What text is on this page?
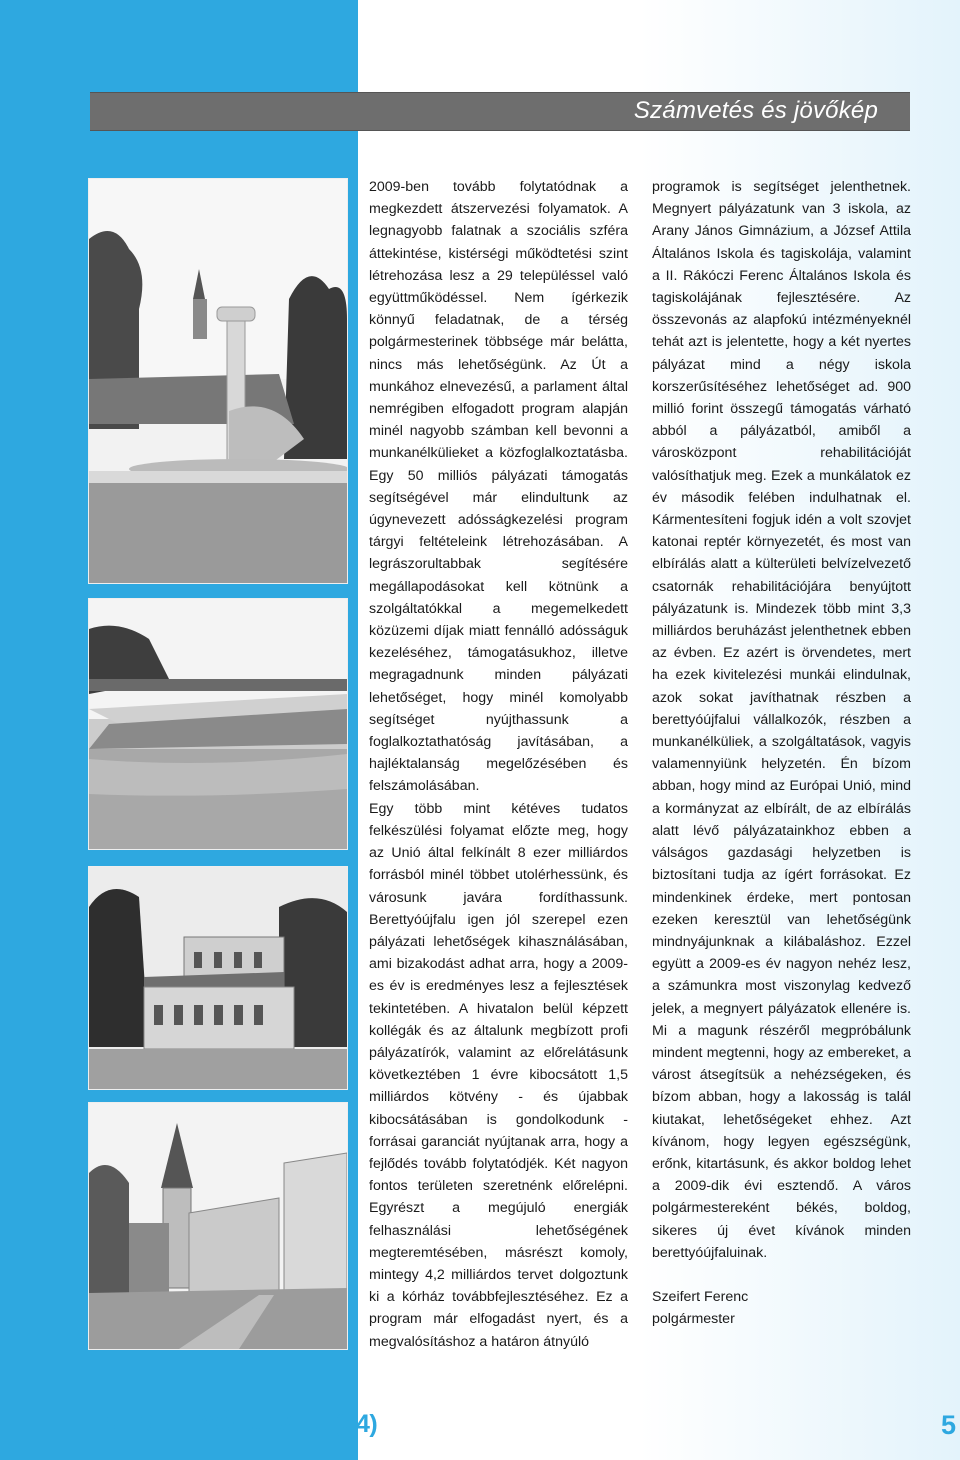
Számvetés és jövőkép

2009-ben tovább folytatódnak a megkezdett átszervezési folyamatok. A legnagyobb falatnak a szociális szféra áttekintése, kistérségi működtetési szint létrehozása lesz a 29 településsel való együttműködéssel. Nem ígérkezik könnyű feladatnak, de a térség polgármesterinek többsége már belátta, nincs más lehetőségünk. Az Út a munkához elnevezésű, a parlament által nemrégiben elfogadott program alapján minél nagyobb számban kell bevonni a munkanélkülieket a közfoglalkoztatásba. Egy 50 milliós pályázati támogatás segítségével már elindultunk az úgynevezett adósságkezelési program tárgyi feltételeink létrehozásában. A legrászorultabbak segítésére megállapodásokat kell kötnünk a szolgáltatókkal a megemelkedett közüzemi díjak miatt fennálló adósságuk kezeléséhez, támogatásukhoz, illetve megragadnunk minden pályázati lehetőséget, hogy minél komolyabb segítséget nyújthassunk a foglalkoztathatóság javításában, a hajléktalanság megelőzésében és felszámolásában.

Egy több mint kétéves tudatos felkészülési folyamat előzte meg, hogy az Unió által felkínált 8 ezer milliárdos forrásból minél többet utolérhessünk, és városunk javára fordíthassunk. Berettyóújfalu igen jól szerepel ezen pályázati lehetőségek kihasználásában, ami bizakodást adhat arra, hogy a 2009-es év is eredményes lesz a fejlesztések tekintetében. A hivatalon belül képzett kollégák és az általunk megbízott profi pályázatírók, valamint az előrelátásunk következtében 1 évre kibocsátott 1,5 milliárdos kötvény - és újabbak kibocsátásában is gondolkodunk - forrásai garanciát nyújtanak arra, hogy a fejlődés tovább folytatódjék. Két nagyon fontos területen szeretnénk előrelépni. Egyrészt a megújuló energiák felhasználási lehetőségének megteremtésében, másrészt komoly, mintegy 4,2 milliárdos tervet dolgoztunk ki a kórház továbbfejlesztéséhez. Ez a program már elfogadást nyert, és a megvalósításhoz a határon átnyúló

programok is segítséget jelenthetnek. Megnyert pályázatunk van 3 iskola, az Arany János Gimnázium, a József Attila Általános Iskola és tagiskolája, valamint a II. Rákóczi Ferenc Általános Iskola és tagiskolájának fejlesztésére. Az összevonás az alapfokú intézményeknél tehát azt is jelentette, hogy a két nyertes pályázat mind a négy iskola korszerűsítéséhez lehetőséget ad. 900 millió forint összegű támogatás várható abból a pályázatból, amiből a városközpont rehabilitációját valósíthatjuk meg. Ezek a munkálatok ez év második felében indulhatnak el. Kármentesíteni fogjuk idén a volt szovjet katonai reptér környezetét, és most van elbírálás alatt a külterületi belvízelvezető csatornák rehabilitációjára benyújtott pályázatunk is. Mindezek több mint 3,3 milliárdos beruházást jelenthetnek ebben az évben. Ez azért is örvendetes, mert ha ezek kivitelezési munkái elindulnak, azok sokat javíthatnak részben a berettyóújfalui vállalkozók, részben a munkanélküliek, a szolgáltatások, vagyis valamennyiünk helyzetén. Én bízom abban, hogy mind az Európai Unió, mind a kormányzat az elbírált, de az elbírálás alatt lévő pályázatainkhoz ebben a válságos gazdasági helyzetben is biztosítani tudja az ígért forrásokat. Ez mindenkinek érdeke, mert pontosan ezeken keresztül van lehetőségünk mindnyájunknak a kilábaláshoz. Ezzel együtt a 2009-es év nagyon nehéz lesz, a számunkra most viszonylag kedvező jelek, a megnyert pályázatok ellenére is. Mi a magunk részéről megpróbálunk mindent megtenni, hogy az embereket, a várost átsegítsük a nehézségeken, és bízom abban, hogy a lakosság is talál kiutakat, lehetőségeket ehhez. Azt kívánom, hogy legyen egészségünk, erőnk, kitartásunk, és akkor boldog lehet a 2009-dik évi esztendő. A város polgármestereként békés, boldog, sikeres új évet kívánok minden berettyóújfaluinak.

Szeifert Ferenc

polgármester

BERETTYÓÚJFALU (54)	5
